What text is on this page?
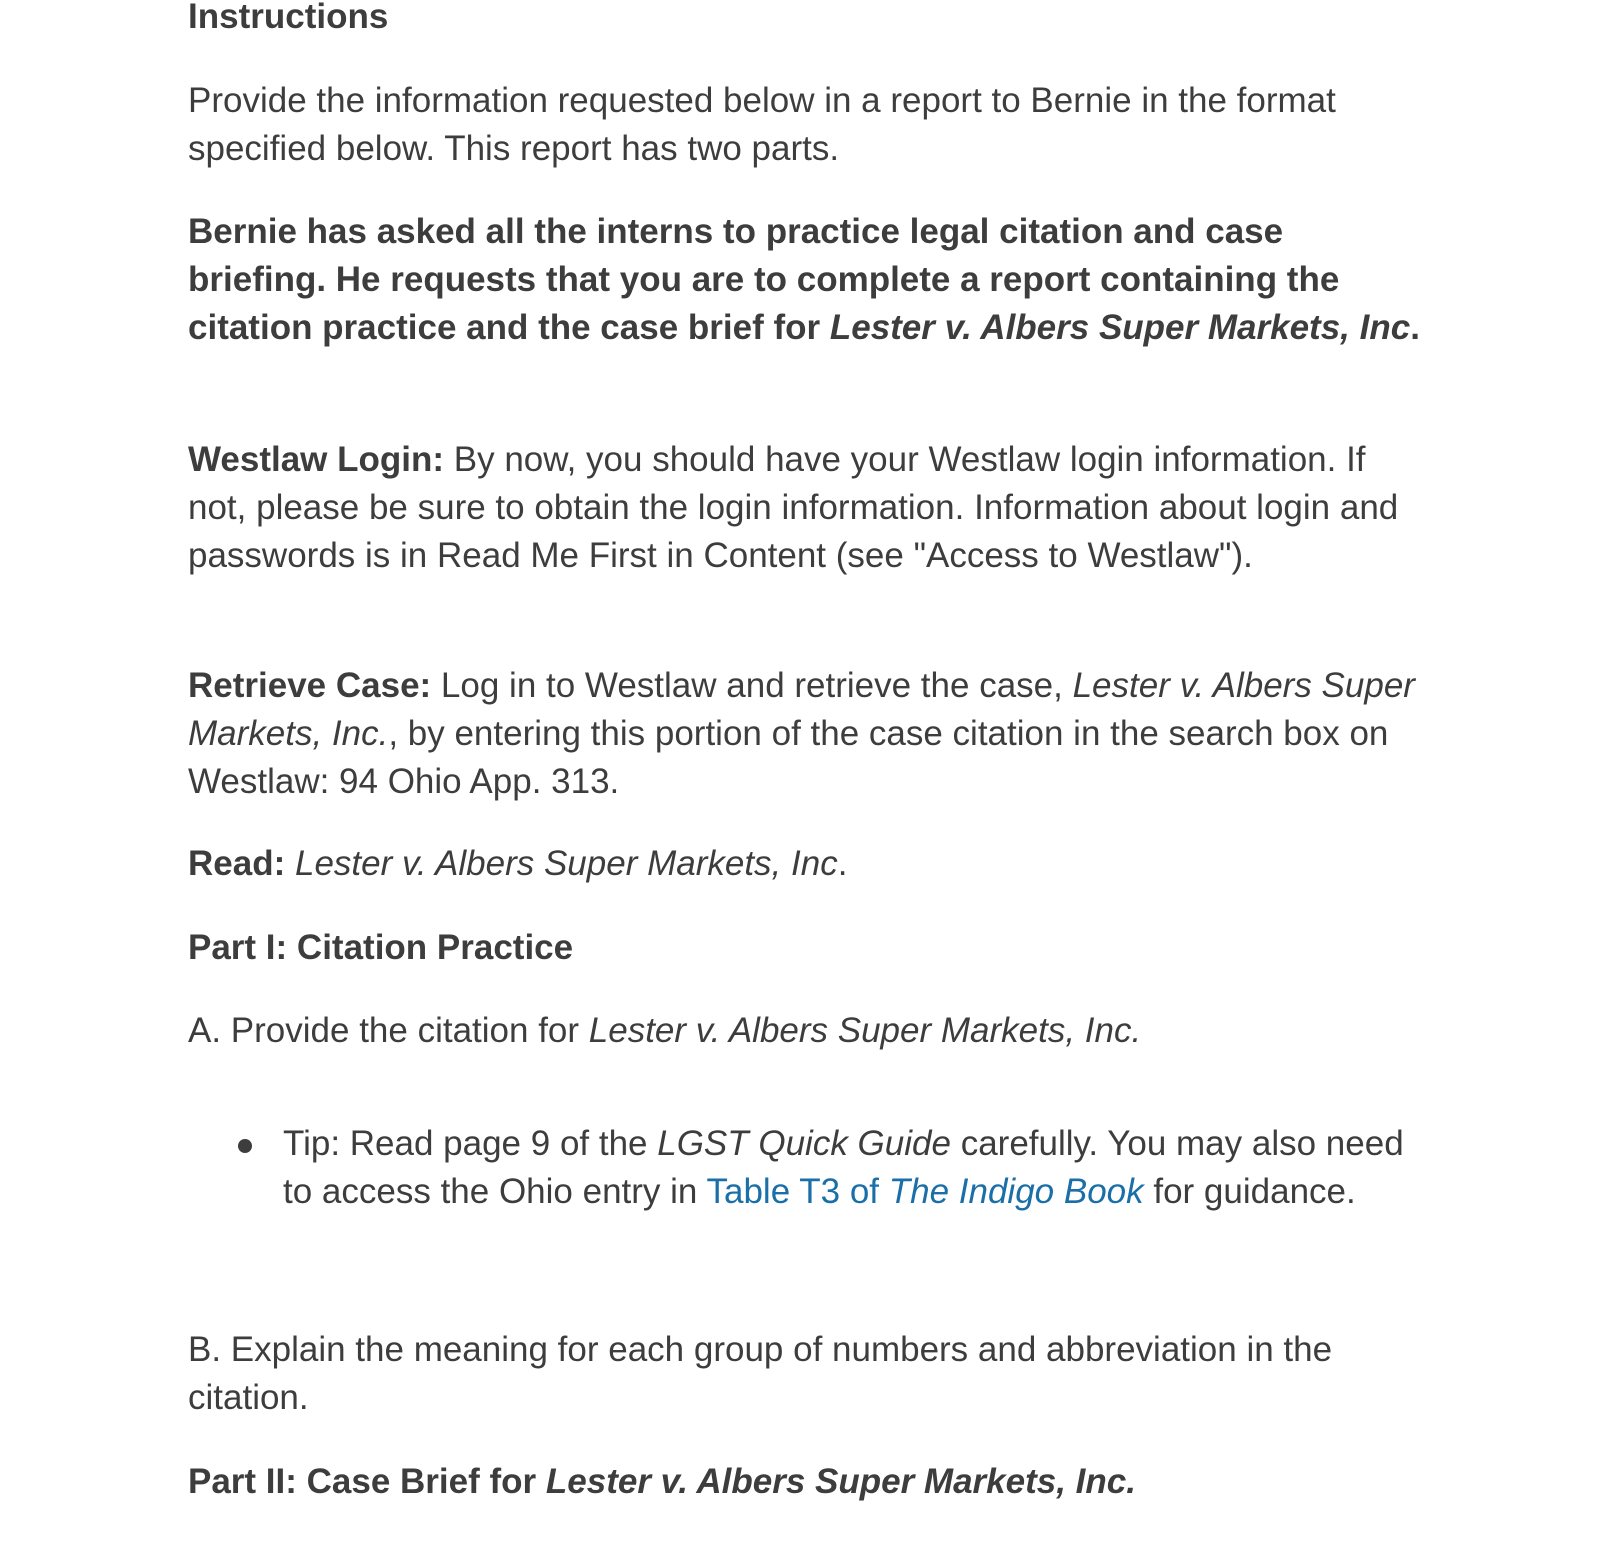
Instructions

Provide the information requested below in a report to Bernie in the format specified below. This report has two parts.

Bernie has asked all the interns to practice legal citation and case briefing. He requests that you are to complete a report containing the citation practice and the case brief for Lester v. Albers Super Markets, Inc.

Westlaw Login: By now, you should have your Westlaw login information. If not, please be sure to obtain the login information. Information about login and passwords is in Read Me First in Content (see "Access to Westlaw").

Retrieve Case: Log in to Westlaw and retrieve the case, Lester v. Albers Super Markets, Inc., by entering this portion of the case citation in the search box on Westlaw: 94 Ohio App. 313.

Read: Lester v. Albers Super Markets, Inc.

Part I: Citation Practice

A. Provide the citation for Lester v. Albers Super Markets, Inc.

Tip: Read page 9 of the LGST Quick Guide carefully. You may also need to access the Ohio entry in Table T3 of The Indigo Book for guidance.

B. Explain the meaning for each group of numbers and abbreviation in the citation.

Part II: Case Brief for Lester v. Albers Super Markets, Inc.
